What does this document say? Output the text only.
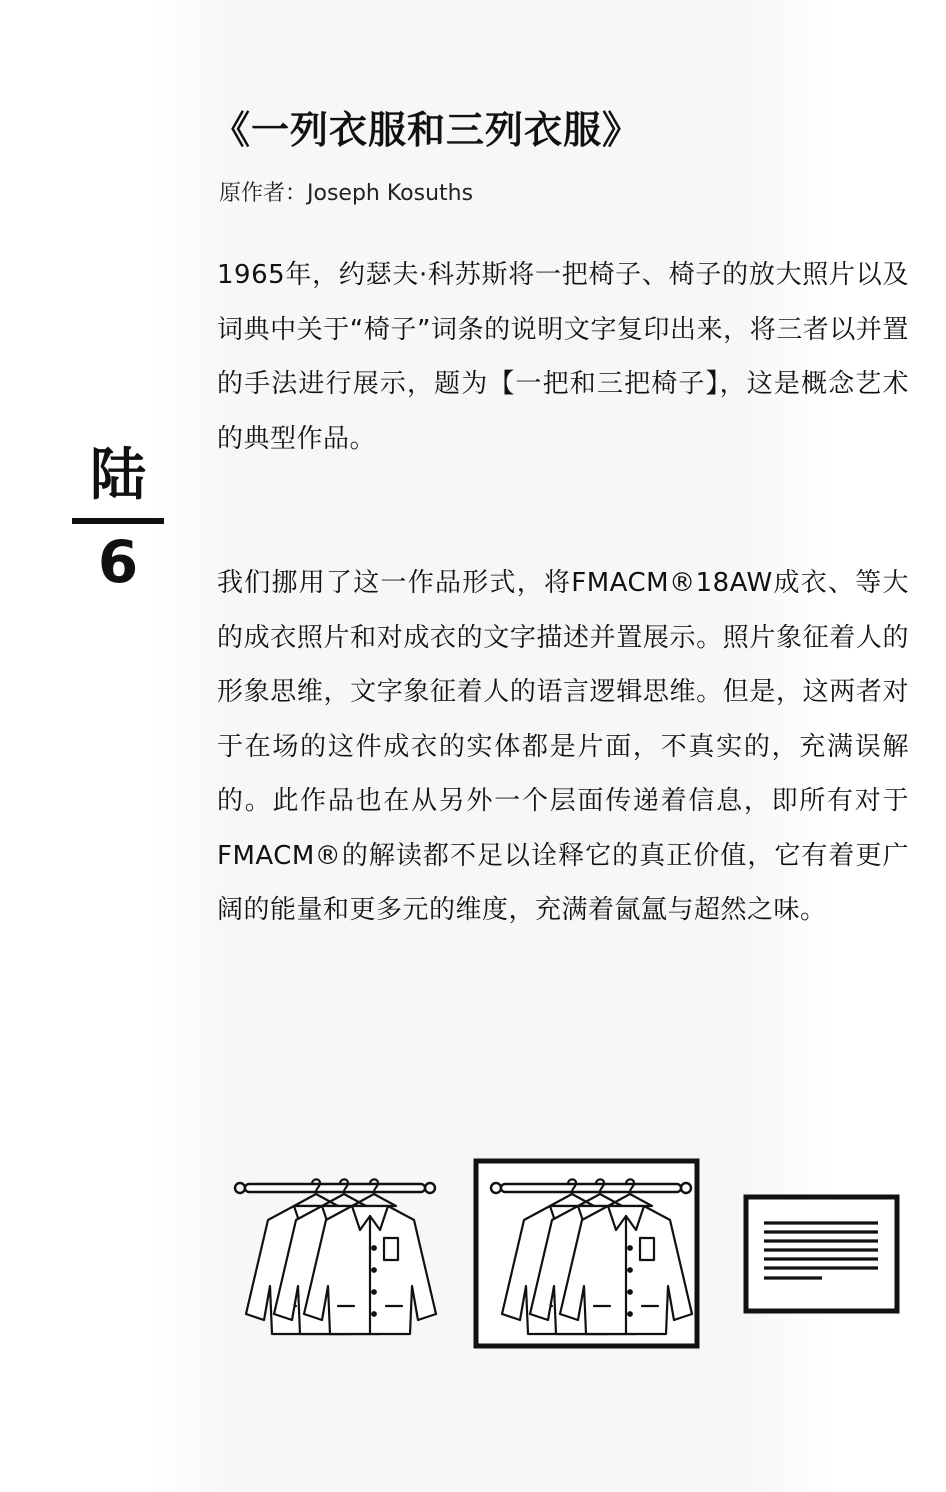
《一列衣服和三列衣服》
原作者：Joseph Kosuths

1965年，约瑟夫·科苏斯将一把椅子、椅子的放大照片以及词典中关于“椅子”词条的说明文字复印出来，将三者以并置的手法进行展示，题为【一把和三把椅子】，这是概念艺术的典型作品。

陆
6	我们挪用了这一作品形式，将FMACM®18AW成衣、等大的成衣照片和对成衣的文字描述并置展示。照片象征着人的形象思维，文字象征着人的语言逻辑思维。但是，这两者对于在场的这件成衣的实体都是片面，不真实的，充满误解的。此作品也在从另外一个层面传递着信息，即所有对于FMACM®的解读都不足以诠释它的真正价值，它有着更广阔的能量和更多元的维度，充满着氤氲与超然之味。
